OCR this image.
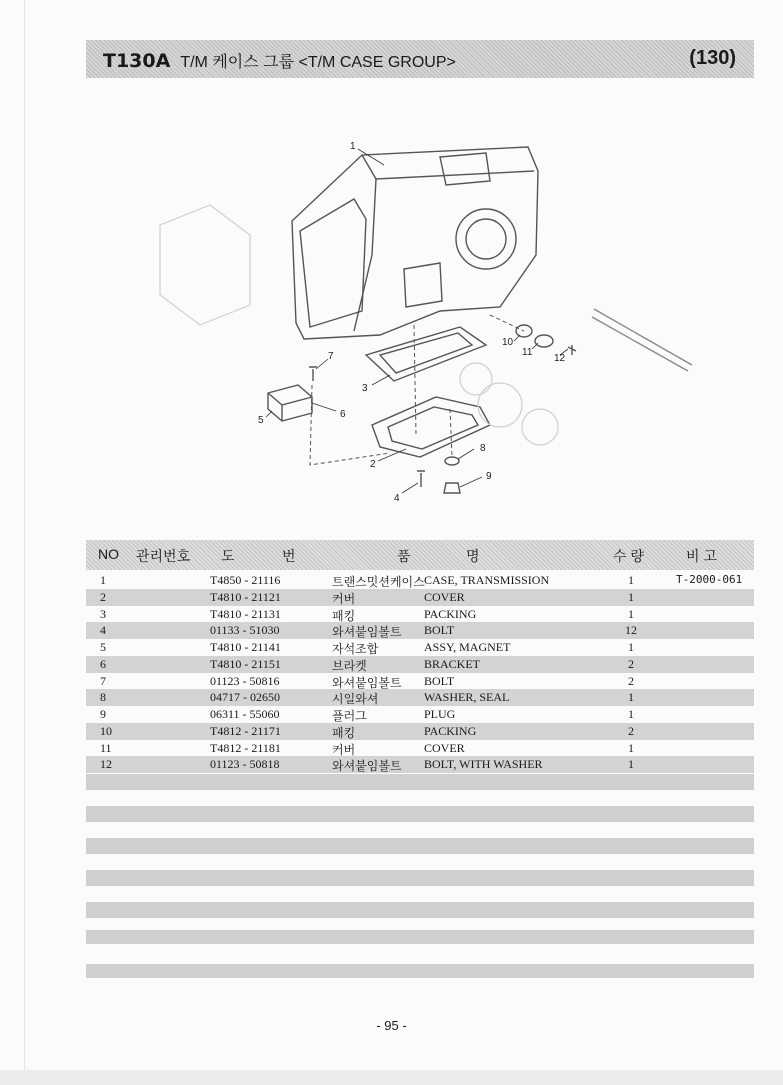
T130A T/M 케이스 그룹 <T/M CASE GROUP>	(130)
1
2
3
4
5
6
7
8
9
10
11
12
NO 관리번호 도	번	품	명	수 량	비 고
1	T4850 - 21116	트랜스밋션케이스 CASE, TRANSMISSION	1	T-2000-061
2	T4810 - 21121	커버	COVER	1
3	T4810 - 21131	패킹	PACKING	1
4	01133 - 51030	와셔붙임볼트 BOLT	12
5	T4810 - 21141	자석조합	ASSY, MAGNET	1
6	T4810 - 21151	브라켓	BRACKET	2
7	01123 - 50816	와셔붙임볼트 BOLT	2
8	04717 - 02650	시일와셔	WASHER, SEAL	1
9	06311 - 55060	플러그	PLUG	1
10	T4812 - 21171	패킹	PACKING	2
11	T4812 - 21181	커버	COVER	1
12	01123 - 50818	와셔붙임볼트 BOLT, WITH WASHER	1
- 95 -
